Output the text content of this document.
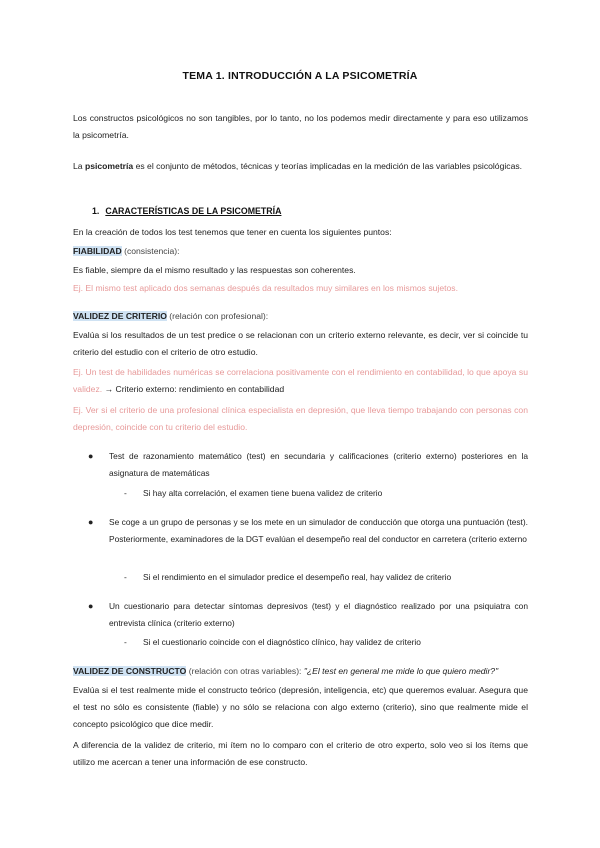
TEMA 1. INTRODUCCIÓN A LA PSICOMETRÍA

Los constructos psicológicos no son tangibles, por lo tanto, no los podemos medir directamente y para eso utilizamos la psicometría.

La psicometría es el conjunto de métodos, técnicas y teorías implicadas en la medición de las variables psicológicas.

1. CARACTERÍSTICAS DE LA PSICOMETRÍA

En la creación de todos los test tenemos que tener en cuenta los siguientes puntos:

FIABILIDAD (consistencia):

Es fiable, siempre da el mismo resultado y las respuestas son coherentes.

Ej. El mismo test aplicado dos semanas después da resultados muy similares en los mismos sujetos.

VALIDEZ DE CRITERIO (relación con profesional):

Evalúa si los resultados de un test predice o se relacionan con un criterio externo relevante, es decir, ver si coincide tu criterio del estudio con el criterio de otro estudio.

Ej. Un test de habilidades numéricas se correlaciona positivamente con el rendimiento en contabilidad, lo que apoya su validez. → Criterio externo: rendimiento en contabilidad

Ej. Ver si el criterio de una profesional clínica especialista en depresión, que lleva tiempo trabajando con personas con depresión, coincide con tu criterio del estudio.

● Test de razonamiento matemático (test) en secundaria y calificaciones (criterio externo) posteriores en la asignatura de matemáticas
- Si hay alta correlación, el examen tiene buena validez de criterio
● Se coge a un grupo de personas y se los mete en un simulador de conducción que otorga una puntuación (test). Posteriormente, examinadores de la DGT evalúan el desempeño real del conductor en carretera (criterio externo
- Si el rendimiento en el simulador predice el desempeño real, hay validez de criterio
● Un cuestionario para detectar síntomas depresivos (test) y el diagnóstico realizado por una psiquiatra con entrevista clínica (criterio externo)
- Si el cuestionario coincide con el diagnóstico clínico, hay validez de criterio

VALIDEZ DE CONSTRUCTO (relación con otras variables): "¿El test en general me mide lo que quiero medir?"

Evalúa si el test realmente mide el constructo teórico (depresión, inteligencia, etc) que queremos evaluar. Asegura que el test no sólo es consistente (fiable) y no sólo se relaciona con algo externo (criterio), sino que realmente mide el concepto psicológico que dice medir.

A diferencia de la validez de criterio, mi ítem no lo comparo con el criterio de otro experto, solo veo si los ítems que utilizo me acercan a tener una información de ese constructo.
